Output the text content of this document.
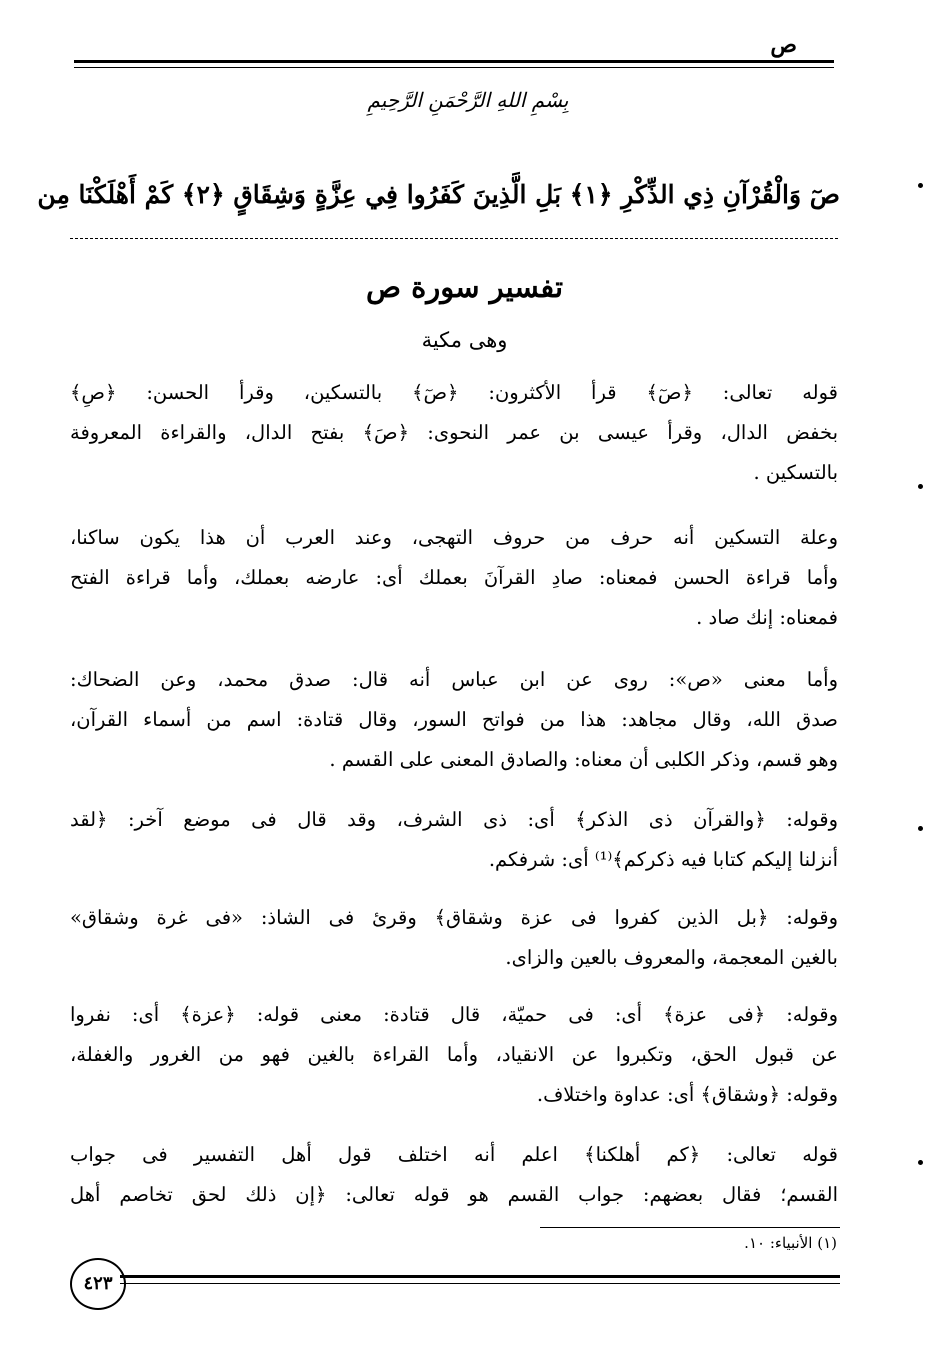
ص
بِسْمِ اللهِ الرَّحْمَنِ الرَّحِيمِ
صٓ وَالْقُرْآنِ ذِي الذِّكْرِ ﴿١﴾ بَلِ الَّذِينَ كَفَرُوا فِي عِزَّةٍ وَشِقَاقٍ ﴿٢﴾ كَمْ أَهْلَكْنَا مِن
تفسير سورة ص
وهى مكية
قوله تعالى: ﴿صٓ﴾ قرأ الأكثرون: ﴿صٓ﴾ بالتسكين، وقرأ الحسن: ﴿صِ﴾
بخفض الدال، وقرأ عيسى بن عمر النحوى: ﴿صَ﴾ بفتح الدال، والقراءة المعروفة
بالتسكين .
وعلة التسكين أنه حرف من حروف التهجى، وعند العرب أن هذا يكون ساكنا،
وأما قراءة الحسن فمعناه: صادِ القرآنَ بعملك أى: عارضه بعملك، وأما قراءة الفتح
فمعناه: إنك صاد .
وأما معنى «ص»: روى عن ابن عباس أنه قال: صدق محمد، وعن الضحاك:
صدق الله، وقال مجاهد: هذا من فواتح السور، وقال قتادة: اسم من أسماء القرآن،
وهو قسم، وذكر الكلبى أن معناه: والصادق المعنى على القسم .
وقوله: ﴿والقرآن ذى الذكر﴾ أى: ذى الشرف، وقد قال فى موضع آخر: ﴿لقد
أنزلنا إليكم كتابا فيه ذكركم﴾⁽¹⁾ أى: شرفكم.
وقوله: ﴿بل الذين كفروا فى عزة وشقاق﴾ وقرئ فى الشاذ: «فى غرة وشقاق»
بالغين المعجمة، والمعروف بالعين والزاى.
وقوله: ﴿فى عزة﴾ أى: فى حميّة، قال قتادة: معنى قوله: ﴿عزة﴾ أى: نفروا
عن قبول الحق، وتكبروا عن الانقياد، وأما القراءة بالغين فهو من الغرور والغفلة،
وقوله: ﴿وشقاق﴾ أى: عداوة واختلاف.
قوله تعالى: ﴿كم أهلكنا﴾ اعلم أنه اختلف قول أهل التفسير فى جواب
القسم؛ فقال بعضهم: جواب القسم هو قوله تعالى: ﴿إن ذلك لحق تخاصم أهل
(١) الأنبياء: ١٠.
٤٢٣
